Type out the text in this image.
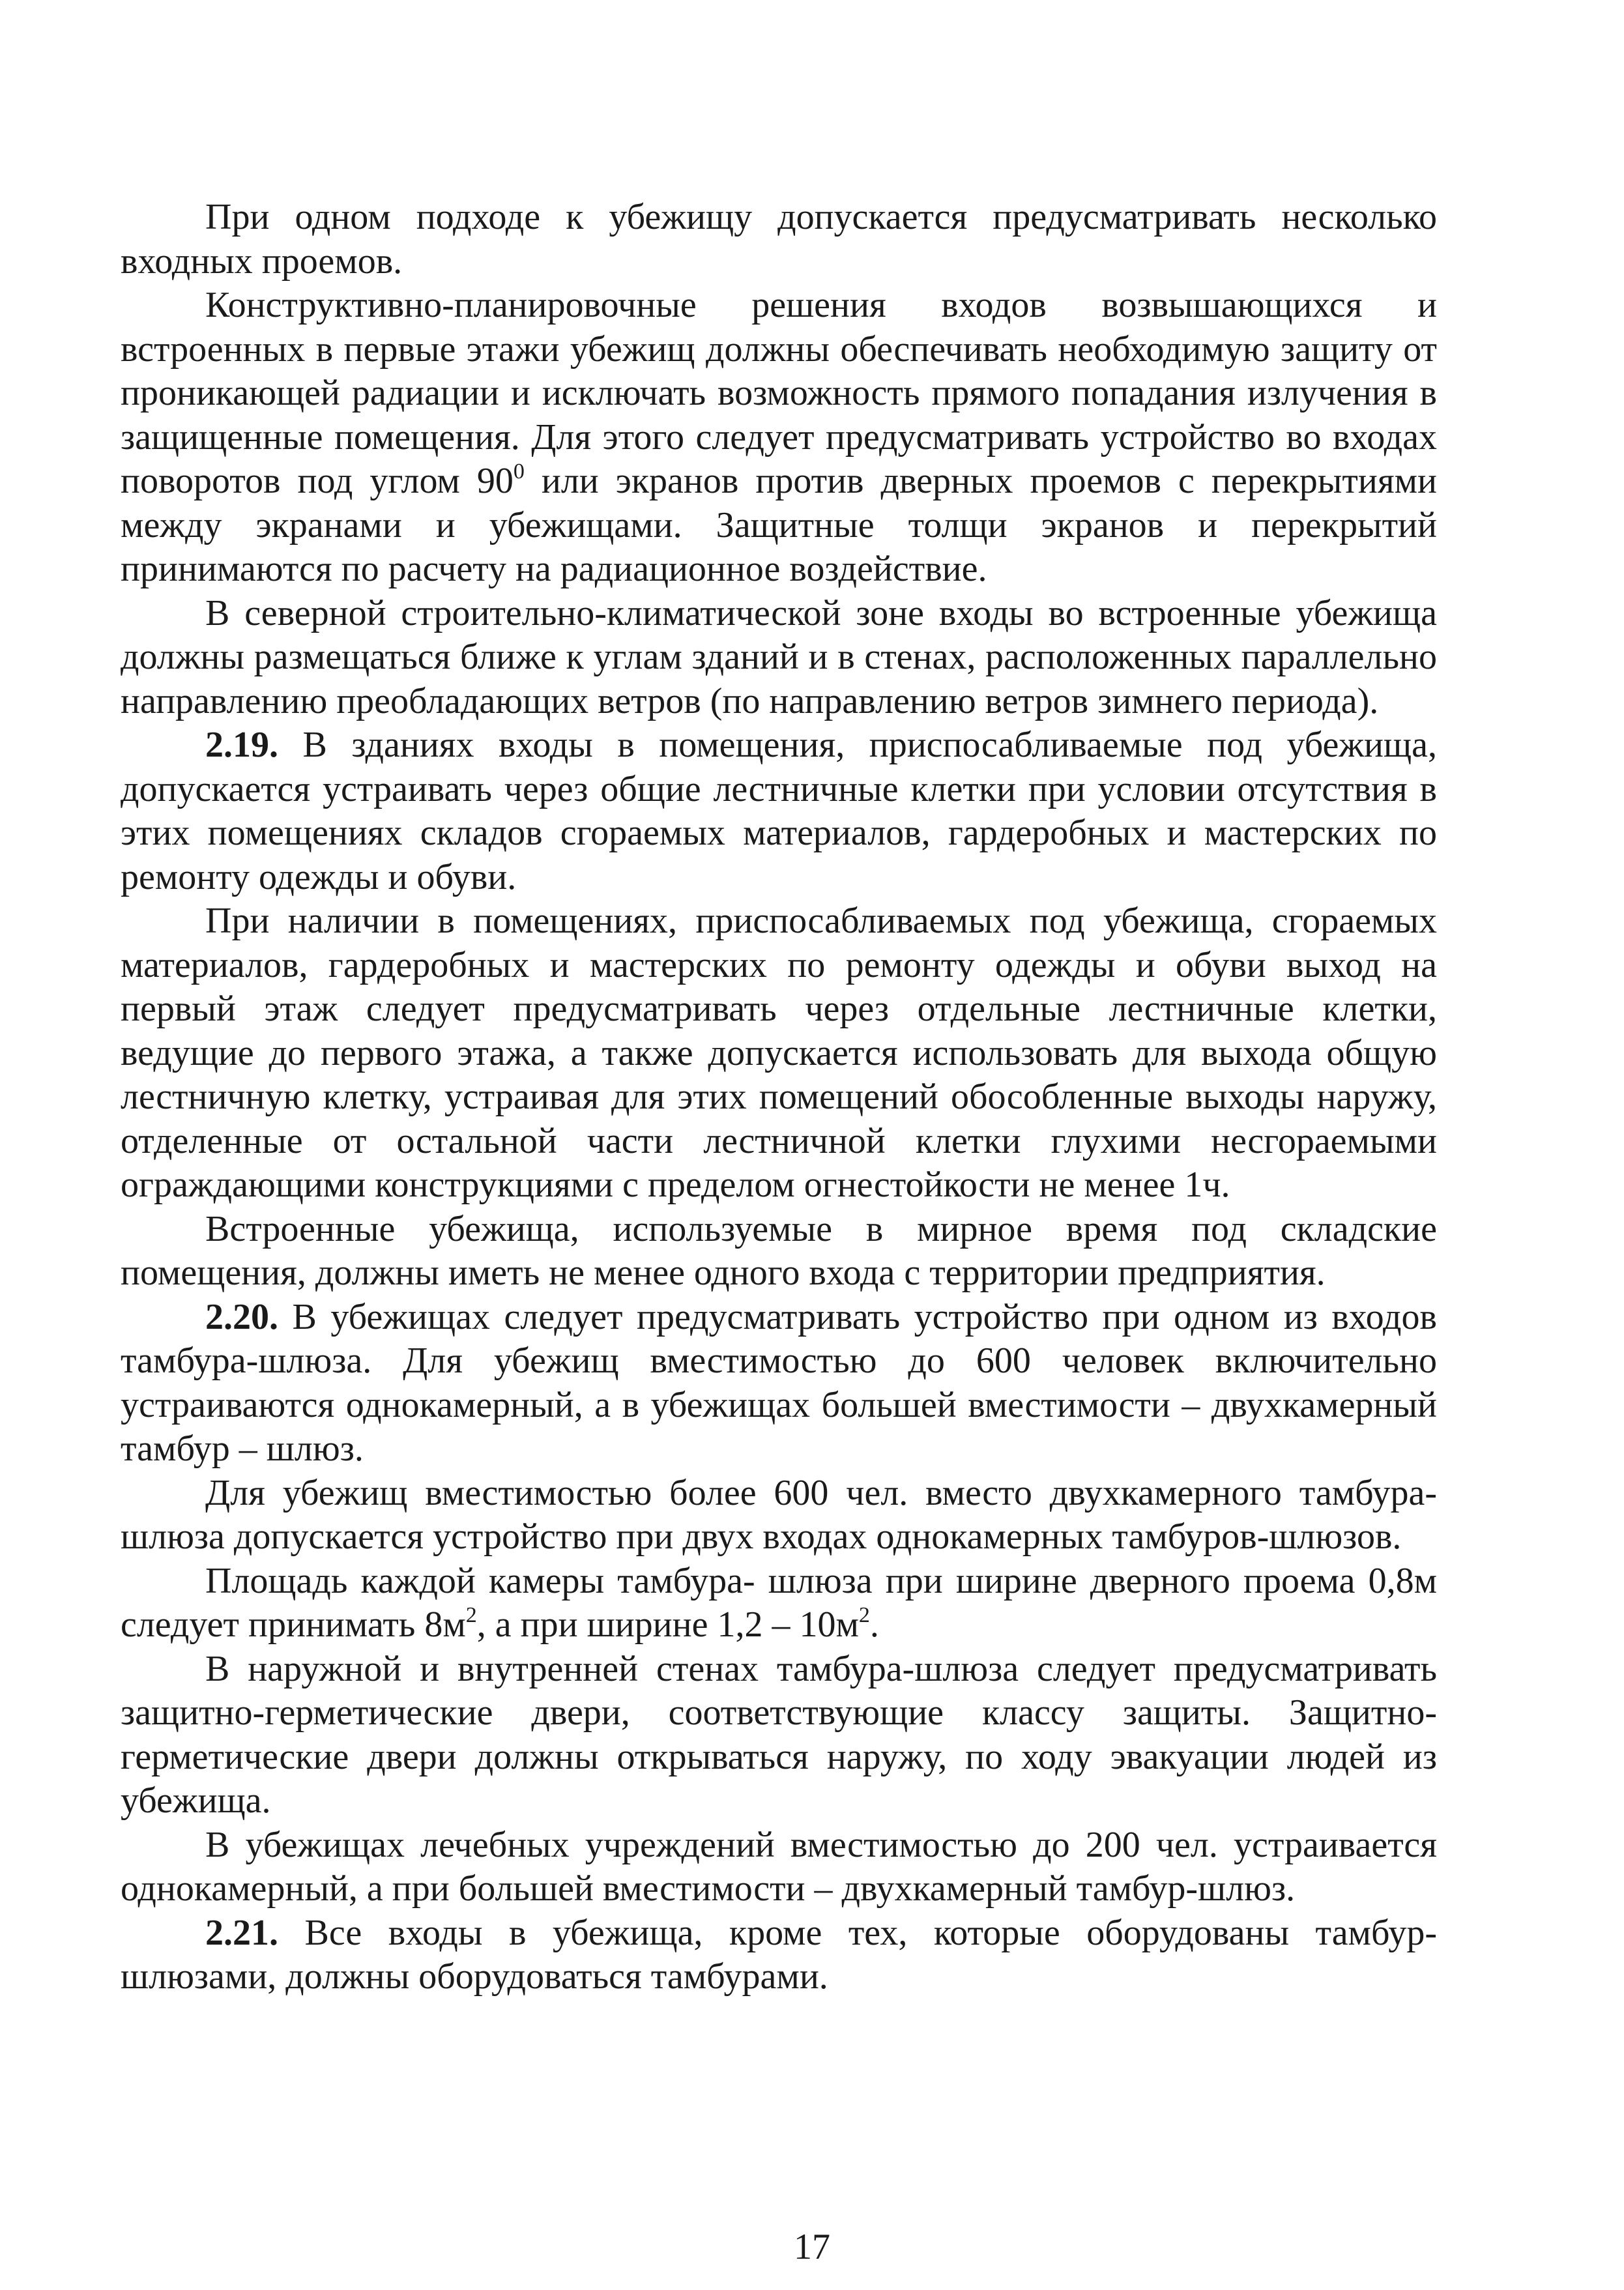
При одном подходе к убежищу допускается предусматривать несколько входных проемов.

Конструктивно-планировочные решения входов возвышающихся и встроенных в первые этажи убежищ должны обеспечивать необходимую защиту от проникающей радиации и исключать возможность прямого попадания излучения в защищенные помещения. Для этого следует предусматривать устройство во входах поворотов под углом $90^0$ или экранов против дверных проемов с перекрытиями между экранами и убежищами. Защитные толщи экранов и перекрытий принимаются по расчету на радиационное воздействие.

В северной строительно-климатической зоне входы во встроенные убежища должны размещаться ближе к углам зданий и в стенах, расположенных параллельно направлению преобладающих ветров (по направлению ветров зимнего периода).

2.19. В зданиях входы в помещения, приспосабливаемые под убежища, допускается устраивать через общие лестничные клетки при условии отсутствия в этих помещениях складов сгораемых материалов, гардеробных и мастерских по ремонту одежды и обуви.

При наличии в помещениях, приспосабливаемых под убежища, сгораемых материалов, гардеробных и мастерских по ремонту одежды и обуви выход на первый этаж следует предусматривать через отдельные лестничные клетки, ведущие до первого этажа, а также допускается использовать для выхода общую лестничную клетку, устраивая для этих помещений обособленные выходы наружу, отделенные от остальной части лестничной клетки глухими несгораемыми ограждающими конструкциями с пределом огнестойкости не менее 1ч.

Встроенные убежища, используемые в мирное время под складские помещения, должны иметь не менее одного входа с территории предприятия.

2.20. В убежищах следует предусматривать устройство при одном из входов тамбура-шлюза. Для убежищ вместимостью до 600 человек включительно устраиваются однокамерный, а в убежищах большей вместимости – двухкамерный тамбур – шлюз.

Для убежищ вместимостью более 600 чел. вместо двухкамерного тамбура-шлюза допускается устройство при двух входах однокамерных тамбуров-шлюзов.

Площадь каждой камеры тамбура- шлюза при ширине дверного проема 0,8м следует принимать $8м^2$, а при ширине $1,2 - 10м^2$.

В наружной и внутренней стенах тамбура-шлюза следует предусматривать защитно-герметические двери, соответствующие классу защиты. Защитно-герметические двери должны открываться наружу, по ходу эвакуации людей из убежища.

В убежищах лечебных учреждений вместимостью до 200 чел. устраивается однокамерный, а при большей вместимости – двухкамерный тамбур-шлюз.

2.21. Все входы в убежища, кроме тех, которые оборудованы тамбур-шлюзами, должны оборудоваться тамбурами.

17
